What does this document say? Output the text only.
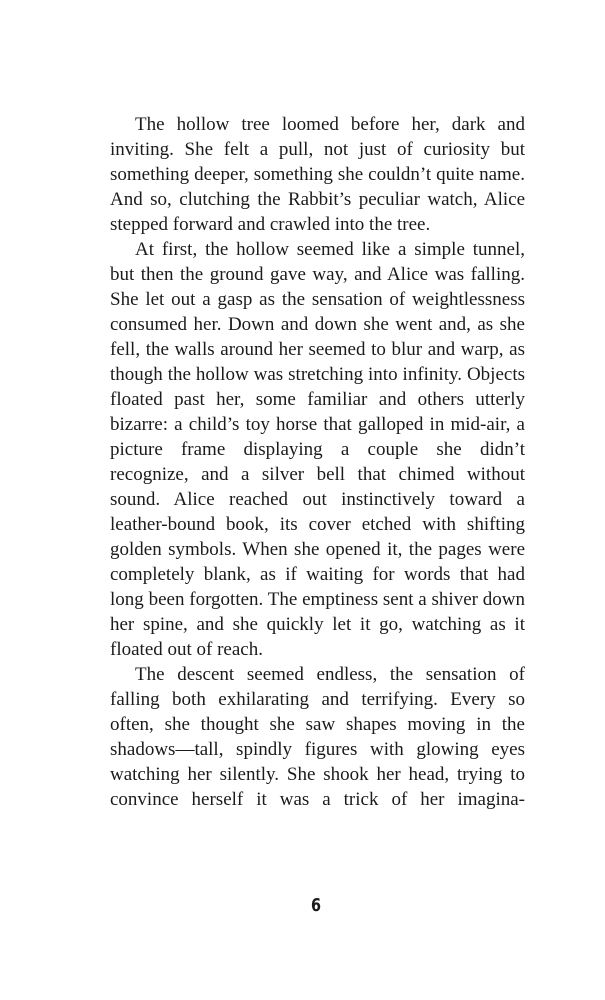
The hollow tree loomed before her, dark and inviting. She felt a pull, not just of curiosity but something deeper, something she couldn’t quite name. And so, clutching the Rabbit’s peculiar watch, Alice stepped forward and crawled into the tree.

At first, the hollow seemed like a simple tunnel, but then the ground gave way, and Alice was falling. She let out a gasp as the sensation of weightlessness consumed her. Down and down she went and, as she fell, the walls around her seemed to blur and warp, as though the hollow was stretching into infinity. Objects floated past her, some familiar and others utterly bizarre: a child’s toy horse that galloped in mid-air, a picture frame displaying a couple she didn’t recognize, and a silver bell that chimed without sound. Alice reached out instinctively toward a leather-bound book, its cover etched with shifting golden symbols. When she opened it, the pages were completely blank, as if waiting for words that had long been forgotten. The emptiness sent a shiver down her spine, and she quickly let it go, watching as it floated out of reach.

The descent seemed endless, the sensation of falling both exhilarating and terrifying. Every so often, she thought she saw shapes moving in the shadows—tall, spindly figures with glowing eyes watching her silently. She shook her head, trying to convince herself it was a trick of her imagina-

6
